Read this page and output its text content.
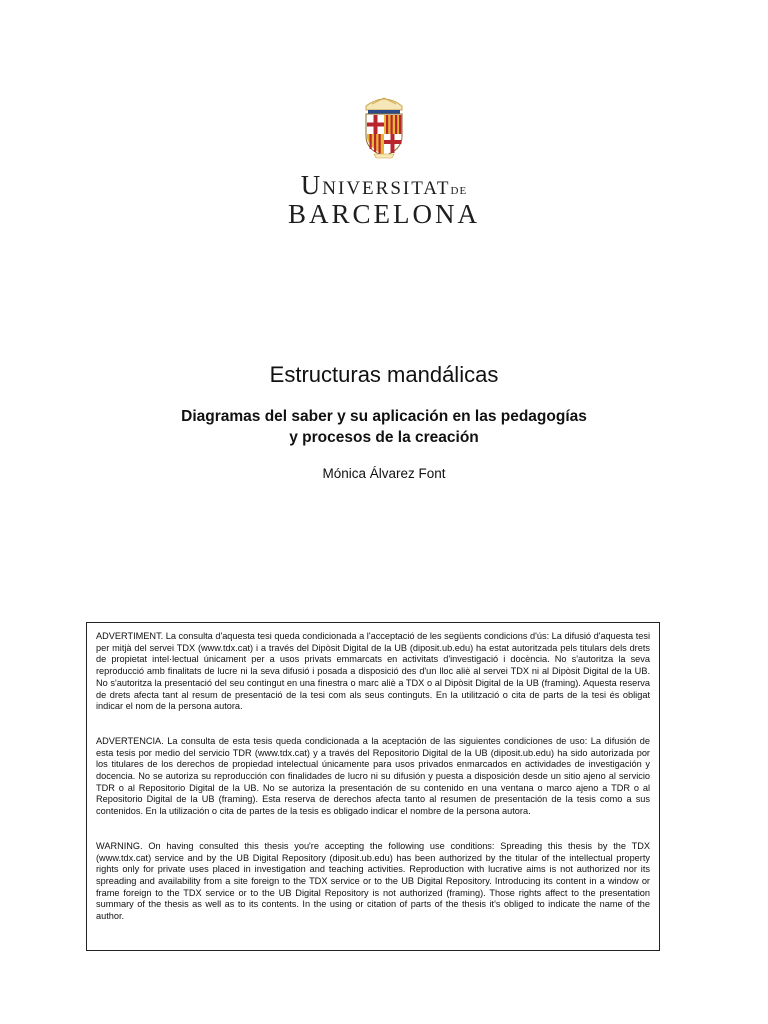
UniversitatDE
BARCELONA
Estructuras mandálicas
Diagramas del saber y su aplicación en las pedagogías
y procesos de la creación
Mónica Álvarez Font

ADVERTIMENT. La consulta d'aquesta tesi queda condicionada a l'acceptació de les següents condicions d'ús: La difusió d'aquesta tesi per mitjà del servei TDX (www.tdx.cat) i a través del Dipòsit Digital de la UB (diposit.ub.edu) ha estat autoritzada pels titulars dels drets de propietat intel·lectual únicament per a usos privats emmarcats en activitats d'investigació i docència. No s'autoritza la seva reproducció amb finalitats de lucre ni la seva difusió i posada a disposició des d'un lloc aliè al servei TDX ni al Dipòsit Digital de la UB. No s'autoritza la presentació del seu contingut en una finestra o marc aliè a TDX o al Dipòsit Digital de la UB (framing). Aquesta reserva de drets afecta tant al resum de presentació de la tesi com als seus continguts. En la utilització o cita de parts de la tesi és obligat indicar el nom de la persona autora.

ADVERTENCIA. La consulta de esta tesis queda condicionada a la aceptación de las siguientes condiciones de uso: La difusión de esta tesis por medio del servicio TDR (www.tdx.cat) y a través del Repositorio Digital de la UB (diposit.ub.edu) ha sido autorizada por los titulares de los derechos de propiedad intelectual únicamente para usos privados enmarcados en actividades de investigación y docencia. No se autoriza su reproducción con finalidades de lucro ni su difusión y puesta a disposición desde un sitio ajeno al servicio TDR o al Repositorio Digital de la UB. No se autoriza la presentación de su contenido en una ventana o marco ajeno a TDR o al Repositorio Digital de la UB (framing). Esta reserva de derechos afecta tanto al resumen de presentación de la tesis como a sus contenidos. En la utilización o cita de partes de la tesis es obligado indicar el nombre de la persona autora.

WARNING. On having consulted this thesis you're accepting the following use conditions: Spreading this thesis by the TDX (www.tdx.cat) service and by the UB Digital Repository (diposit.ub.edu) has been authorized by the titular of the intellectual property rights only for private uses placed in investigation and teaching activities. Reproduction with lucrative aims is not authorized nor its spreading and availability from a site foreign to the TDX service or to the UB Digital Repository. Introducing its content in a window or frame foreign to the TDX service or to the UB Digital Repository is not authorized (framing). Those rights affect to the presentation summary of the thesis as well as to its contents. In the using or citation of parts of the thesis it's obliged to indicate the name of the author.
